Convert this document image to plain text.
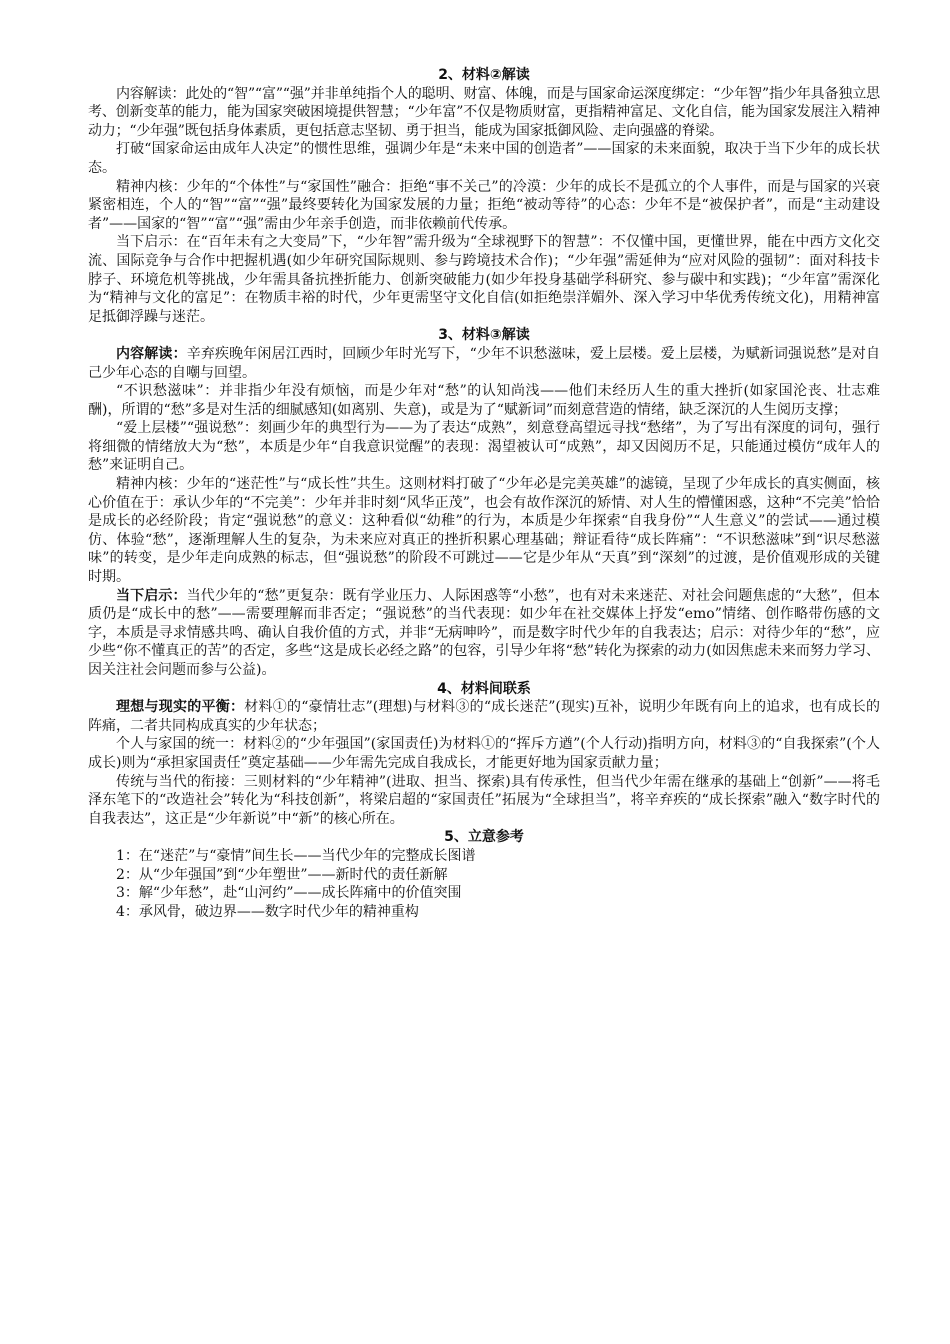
2、材料②解读

内容解读：此处的“智”“富”“强”并非单纯指个人的聪明、财富、体魄，而是与国家命运深度绑定：“少年智”指少年具备独立思考、创新变革的能力，能为国家突破困境提供智慧；“少年富”不仅是物质财富，更指精神富足、文化自信，能为国家发展注入精神动力；“少年强”既包括身体素质，更包括意志坚韧、勇于担当，能成为国家抵御风险、走向强盛的脊梁。

打破“国家命运由成年人决定”的惯性思维，强调少年是“未来中国的创造者”——国家的未来面貌，取决于当下少年的成长状态。

精神内核：少年的“个体性”与“家国性”融合：拒绝“事不关己”的冷漠：少年的成长不是孤立的个人事件，而是与国家的兴衰紧密相连，个人的“智”“富”“强”最终要转化为国家发展的力量；拒绝“被动等待”的心态：少年不是“被保护者”，而是“主动建设者”——国家的“智”“富”“强”需由少年亲手创造，而非依赖前代传承。

当下启示：在“百年未有之大变局”下，“少年智”需升级为“全球视野下的智慧”：不仅懂中国，更懂世界，能在中西方文化交流、国际竞争与合作中把握机遇(如少年研究国际规则、参与跨境技术合作)；“少年强”需延伸为“应对风险的强韧”：面对科技卡脖子、环境危机等挑战，少年需具备抗挫折能力、创新突破能力(如少年投身基础学科研究、参与碳中和实践)；“少年富”需深化为“精神与文化的富足”：在物质丰裕的时代，少年更需坚守文化自信(如拒绝崇洋媚外、深入学习中华优秀传统文化)，用精神富足抵御浮躁与迷茫。

3、材料③解读

内容解读：辛弃疾晚年闲居江西时，回顾少年时光写下，“少年不识愁滋味，爱上层楼。爱上层楼，为赋新词强说愁”是对自己少年心态的自嘲与回望。

“不识愁滋味”：并非指少年没有烦恼，而是少年对“愁”的认知尚浅——他们未经历人生的重大挫折(如家国沦丧、壮志难酬)，所谓的“愁”多是对生活的细腻感知(如离别、失意)，或是为了“赋新词”而刻意营造的情绪，缺乏深沉的人生阅历支撑；

“爱上层楼”“强说愁”：刻画少年的典型行为——为了表达“成熟”，刻意登高望远寻找“愁绪”，为了写出有深度的词句，强行将细微的情绪放大为“愁”，本质是少年“自我意识觉醒”的表现：渴望被认可“成熟”，却又因阅历不足，只能通过模仿“成年人的愁”来证明自己。

精神内核：少年的“迷茫性”与“成长性”共生。这则材料打破了“少年必是完美英雄”的滤镜，呈现了少年成长的真实侧面，核心价值在于：承认少年的“不完美”：少年并非时刻“风华正茂”，也会有故作深沉的矫情、对人生的懵懂困惑，这种“不完美”恰恰是成长的必经阶段；肯定“强说愁”的意义：这种看似“幼稚”的行为，本质是少年探索“自我身份”“人生意义”的尝试——通过模仿、体验“愁”，逐渐理解人生的复杂，为未来应对真正的挫折积累心理基础；辩证看待“成长阵痛”：“不识愁滋味”到“识尽愁滋味”的转变，是少年走向成熟的标志，但“强说愁”的阶段不可跳过——它是少年从“天真”到“深刻”的过渡，是价值观形成的关键时期。

当下启示：当代少年的“愁”更复杂：既有学业压力、人际困惑等“小愁”，也有对未来迷茫、对社会问题焦虑的“大愁”，但本质仍是“成长中的愁”——需要理解而非否定；“强说愁”的当代表现：如少年在社交媒体上抒发“emo”情绪、创作略带伤感的文字，本质是寻求情感共鸣、确认自我价值的方式，并非“无病呻吟”，而是数字时代少年的自我表达；启示：对待少年的“愁”，应少些“你不懂真正的苦”的否定，多些“这是成长必经之路”的包容，引导少年将“愁”转化为探索的动力(如因焦虑未来而努力学习、因关注社会问题而参与公益)。

4、材料间联系

理想与现实的平衡：材料①的“豪情壮志”(理想)与材料③的“成长迷茫”(现实)互补，说明少年既有向上的追求，也有成长的阵痛，二者共同构成真实的少年状态；

个人与家国的统一：材料②的“少年强国”(家国责任)为材料①的“挥斥方遒”(个人行动)指明方向，材料③的“自我探索”(个人成长)则为“承担家国责任”奠定基础——少年需先完成自我成长，才能更好地为国家贡献力量；

传统与当代的衔接：三则材料的“少年精神”(进取、担当、探索)具有传承性，但当代少年需在继承的基础上“创新”——将毛泽东笔下的“改造社会”转化为“科技创新”，将梁启超的“家国责任”拓展为“全球担当”，将辛弃疾的“成长探索”融入“数字时代的自我表达”，这正是“少年新说”中“新”的核心所在。

5、立意参考
1：在“迷茫”与“豪情”间生长——当代少年的完整成长图谱
2：从“少年强国”到“少年塑世”——新时代的责任新解
3：解“少年愁”，赴“山河约”——成长阵痛中的价值突围
4：承风骨，破边界——数字时代少年的精神重构
